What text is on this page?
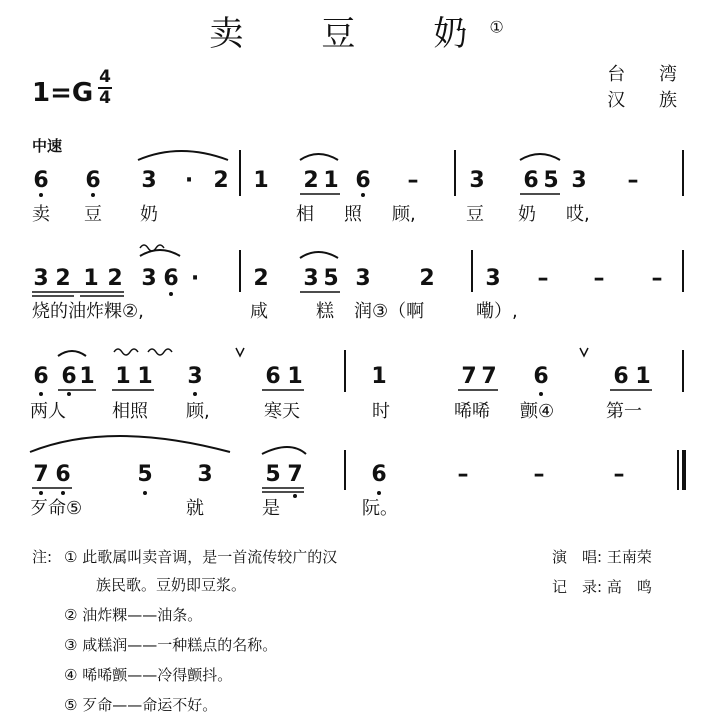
卖　豆　奶①
1=G
4
4
台 湾
汉 族
中速
6 6 3 · 2 1 2 1 6 – 3 6 5 3 –
卖 豆 奶	相 照 顾,	豆 奶 哎,
3 2 1 2 3 6 · 2 3 5 3 2 3 – – –
烧的油炸粿②,	咸	糕 润③（啊	嘞）,
6 6 1 1 1 3	6 1	1	7 7 6	6 1
两人	相照 顾,	寒天	时	唏唏 颤④	第一
7 6	5 3 5 7	6	–	–	–
歹命⑤	就	是	阮。
注: ① 此歌属叫卖音调，是一首流传较广的汉
族民歌。豆奶即豆浆。
② 油炸粿——油条。
③ 咸糕润——一种糕点的名称。
④ 唏唏颤——冷得颤抖。
⑤ 歹命——命运不好。
演　唱: 王南荣
记　录: 高　鸣
